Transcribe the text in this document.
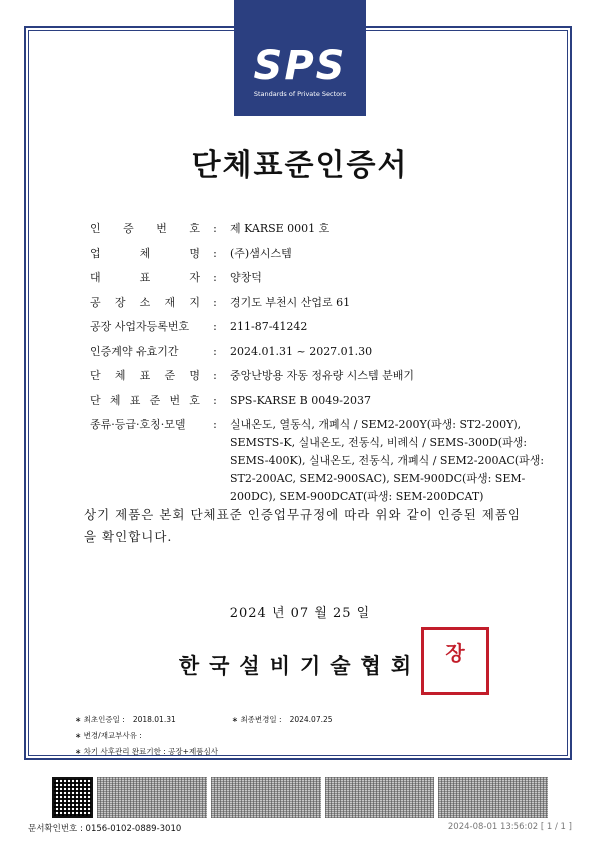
SPS
Standards of Private Sectors
단체표준인증서
인 증 번 호	:	제 KARSE 0001 호
업	체	명	:	(주)샘시스템
대	표	자	:	양창덕
공 장 소 재 지	:	경기도 부천시 산업로 61
공장 사업자등록번호	:	211-87-41242
인증계약 유효기간	:	2024.01.31 ~ 2027.01.30
단 체 표 준 명	:	중앙난방용 자동 정유량 시스템 분배기
단 체 표 준 번 호	:	SPS-KARSE B 0049-2037
종류·등급·호칭·모델	:	실내온도, 열동식, 개폐식 / SEM2-200Y(파생: ST2-200Y), SEMSTS-K, 실내온도, 전동식, 비례식 / SEMS-300D(파생: SEMS-400K), 실내온도, 전동식, 개폐식 / SEM2-200AC(파생: ST2-200AC, SEM2-900SAC), SEM-900DC(파생: SEM-200DC), SEM-900DCAT(파생: SEM-200DCAT)
상기 제품은 본회 단체표준 인증업무규정에 따라 위와 같이 인증된 제품임을 확인합니다.
2024 년 07 월 25 일
한국설비기술협회	장
∗ 최초인증일 : 2018.01.31	∗ 최종변경일 : 2024.07.25
∗ 변경/재교부사유 :
∗ 차기 사후관리 완료기한 : 공장+제품심사
문서확인번호 : 0156-0102-0889-3010	2024-08-01 13:56:02 [ 1 / 1 ]
